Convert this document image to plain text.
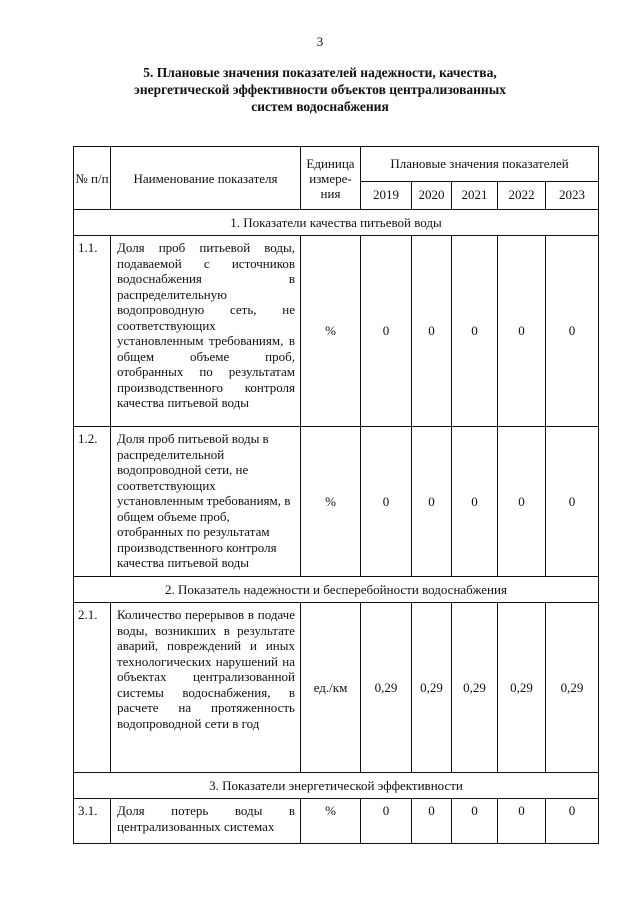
3
5. Плановые значения показателей надежности, качества,
энергетической эффективности объектов централизованных
систем водоснабжения
№ п/п	Наименование показателя	Единица измере-ния	Плановые значения показателей				
			2019	2020	2021	2022	2023
1. Показатели качества питьевой воды							
1.1.	Доля проб питьевой воды, подаваемой с источников водоснабжения в распределительную водопроводную сеть, не соответствующих установленным требованиям, в общем объеме проб, отобранных по результатам производственного контроля качества питьевой воды	%	0	0	0	0	0
1.2.	Доля проб питьевой воды в распределительной водопроводной сети, не соответствующих установленным требованиям, в общем объеме проб, отобранных по результатам производственного контроля качества питьевой воды	%	0	0	0	0	0
2. Показатель надежности и бесперебойности водоснабжения							
2.1.	Количество перерывов в подаче воды, возникших в результате аварий, повреждений и иных технологических нарушений на объектах централизованной системы водоснабжения, в расчете на протяженность водопроводной сети в год	ед./км	0,29	0,29	0,29	0,29	0,29
3. Показатели энергетической эффективности							
3.1.	Доля потерь воды в централизованных системах	%	0	0	0	0	0
